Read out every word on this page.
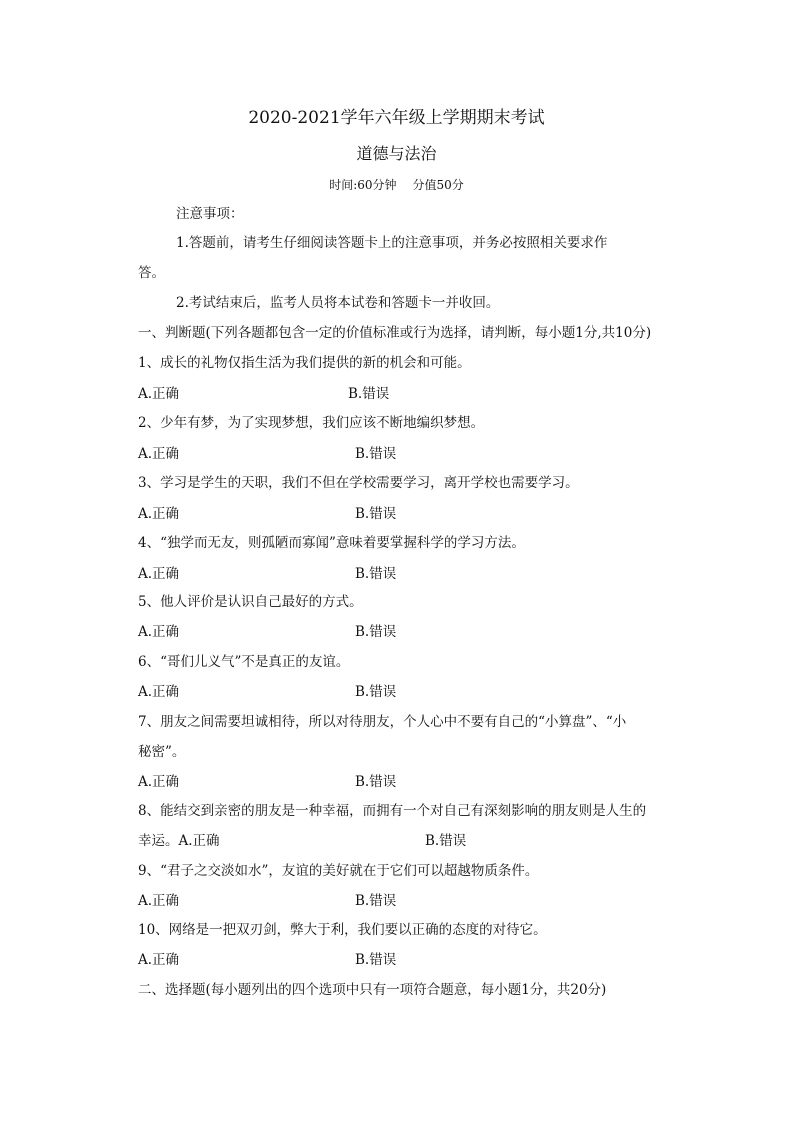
2020-2021学年六年级上学期期末考试
道德与法治
时间:60分钟 分值50分
注意事项：
1.答题前，请考生仔细阅读答题卡上的注意事项，并务必按照相关要求作
答。
2.考试结束后，监考人员将本试卷和答题卡一并收回。
一、判断题(下列各题都包含一定的价值标准或行为选择，请判断，每小题1分,共10分)
1、成长的礼物仅指生活为我们提供的新的机会和可能。
A.正确	B.错误
2、少年有梦，为了实现梦想，我们应该不断地编织梦想。
A.正确	B.错误
3、学习是学生的天职，我们不但在学校需要学习，离开学校也需要学习。
A.正确	B.错误
4、“独学而无友，则孤陋而寡闻”意味着要掌握科学的学习方法。
A.正确	B.错误
5、他人评价是认识自己最好的方式。
A.正确	B.错误
6、“哥们儿义气”不是真正的友谊。
A.正确	B.错误
7、朋友之间需要坦诚相待，所以对待朋友，个人心中不要有自己的“小算盘”、“小
秘密”。
A.正确	B.错误
8、能结交到亲密的朋友是一种幸福，而拥有一个对自己有深刻影响的朋友则是人生的
幸运。A.正确	B.错误
9、“君子之交淡如水”，友谊的美好就在于它们可以超越物质条件。
A.正确	B.错误
10、网络是一把双刃剑，弊大于利，我们要以正确的态度的对待它。
A.正确	B.错误
二、选择题(每小题列出的四个选项中只有一项符合题意，每小题1分，共20分)
